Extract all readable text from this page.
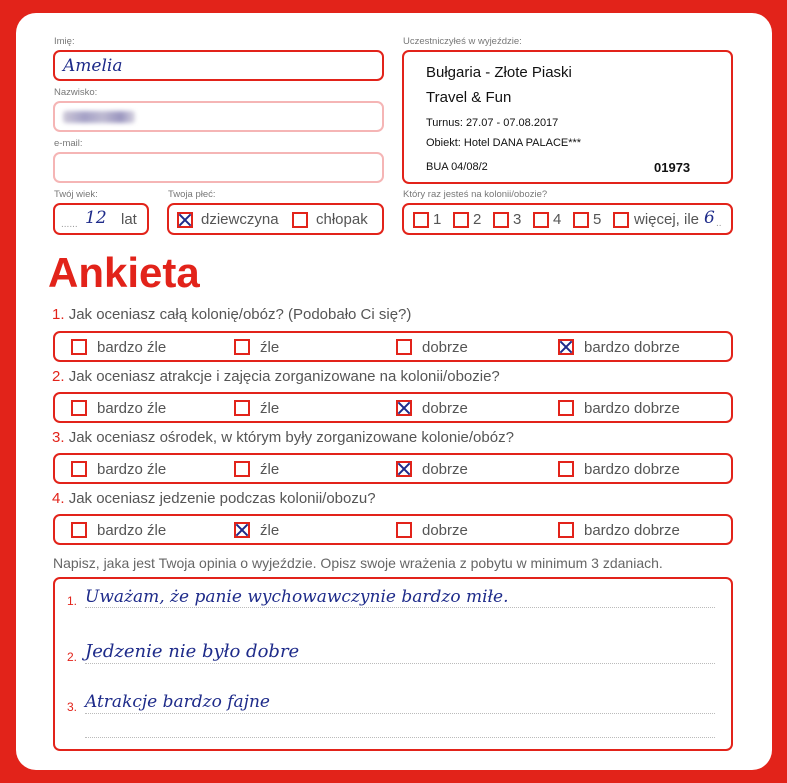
Imię:
Amelia
Nazwisko:
e-mail:
Twój wiek:
...... 12 lat
Twoja płeć:
dziewczyna chłopak
Uczestniczyłeś w wyjeździe:
Bułgaria - Złote Piaski
Travel & Fun
Turnus: 27.07 - 07.08.2017
Obiekt: Hotel DANA PALACE***
BUA 04/08/2	01973
Który raz jesteś na kolonii/obozie?
1 2 3 4 5 więcej, ile 6 ..
Ankieta
1. Jak oceniasz całą kolonię/obóz? (Podobało Ci się?)
bardzo źle	źle	dobrze	bardzo dobrze
2. Jak oceniasz atrakcje i zajęcia zorganizowane na kolonii/obozie?
bardzo źle	źle	dobrze	bardzo dobrze
3. Jak oceniasz ośrodek, w którym były zorganizowane kolonie/obóz?
bardzo źle	źle	dobrze	bardzo dobrze
4. Jak oceniasz jedzenie podczas kolonii/obozu?
bardzo źle	źle	dobrze	bardzo dobrze
Napisz, jaka jest Twoja opinia o wyjeździe. Opisz swoje wrażenia z pobytu w minimum 3 zdaniach.
1. Uważam, że panie wychowawczynie bardzo miłe.
2. Jedzenie nie było dobre
3. Atrakcje bardzo fajne
